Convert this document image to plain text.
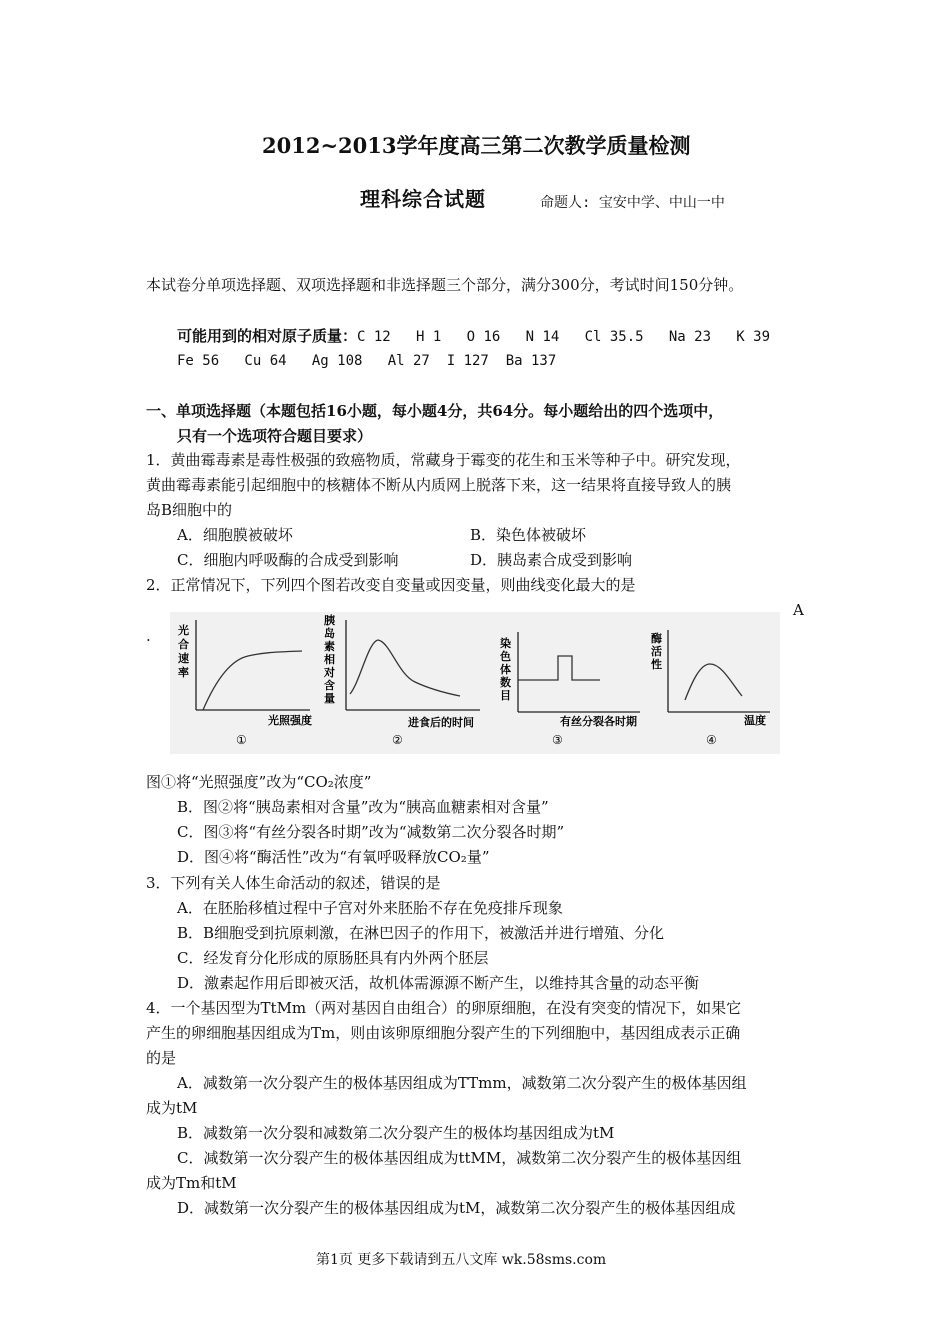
2012~2013学年度高三第二次教学质量检测
理科综合试题	命题人: 宝安中学、中山一中
本试卷分单项选择题、双项选择题和非选择题三个部分，满分300分，考试时间150分钟。
可能用到的相对原子质量：C 12   H 1   O 16   N 14   Cl 35.5   Na 23   K 39
Fe 56   Cu 64   Ag 108   Al 27  I 127  Ba 137
一、单项选择题（本题包括16小题，每小题4分，共64分。每小题给出的四个选项中，
只有一个选项符合题目要求）
1．黄曲霉毒素是毒性极强的致癌物质，常藏身于霉变的花生和玉米等种子中。研究发现，
黄曲霉毒素能引起细胞中的核糖体不断从内质网上脱落下来，这一结果将直接导致人的胰
岛B细胞中的
A．细胞膜被破坏	B．染色体被破坏
C．细胞内呼吸酶的合成受到影响	D．胰岛素合成受到影响
2．正常情况下，下列四个图若改变自变量或因变量，则曲线变化最大的是
A
. 光
合
速
率
光照强度
①
胰
岛
素
相
对
含
量
进食后的时间
②
染
色
体
数
目
有丝分裂各时期
③
酶
活
性
温度
④
图①将“光照强度”改为“CO₂浓度”
B．图②将“胰岛素相对含量”改为“胰高血糖素相对含量”
C．图③将“有丝分裂各时期”改为“减数第二次分裂各时期”
D．图④将“酶活性”改为“有氧呼吸释放CO₂量”
3．下列有关人体生命活动的叙述，错误的是
A．在胚胎移植过程中子宫对外来胚胎不存在免疫排斥现象
B．B细胞受到抗原刺激，在淋巴因子的作用下，被激活并进行增殖、分化
C．经发育分化形成的原肠胚具有内外两个胚层
D．激素起作用后即被灭活，故机体需源源不断产生，以维持其含量的动态平衡
4．一个基因型为TtMm（两对基因自由组合）的卵原细胞，在没有突变的情况下，如果它
产生的卵细胞基因组成为Tm，则由该卵原细胞分裂产生的下列细胞中，基因组成表示正确
的是
A．减数第一次分裂产生的极体基因组成为TTmm，减数第二次分裂产生的极体基因组
成为tM
B．减数第一次分裂和减数第二次分裂产生的极体均基因组成为tM
C．减数第一次分裂产生的极体基因组成为ttMM，减数第二次分裂产生的极体基因组
成为Tm和tM
D．减数第一次分裂产生的极体基因组成为tM，减数第二次分裂产生的极体基因组成
第1页 更多下载请到五八文库 wk.58sms.com
